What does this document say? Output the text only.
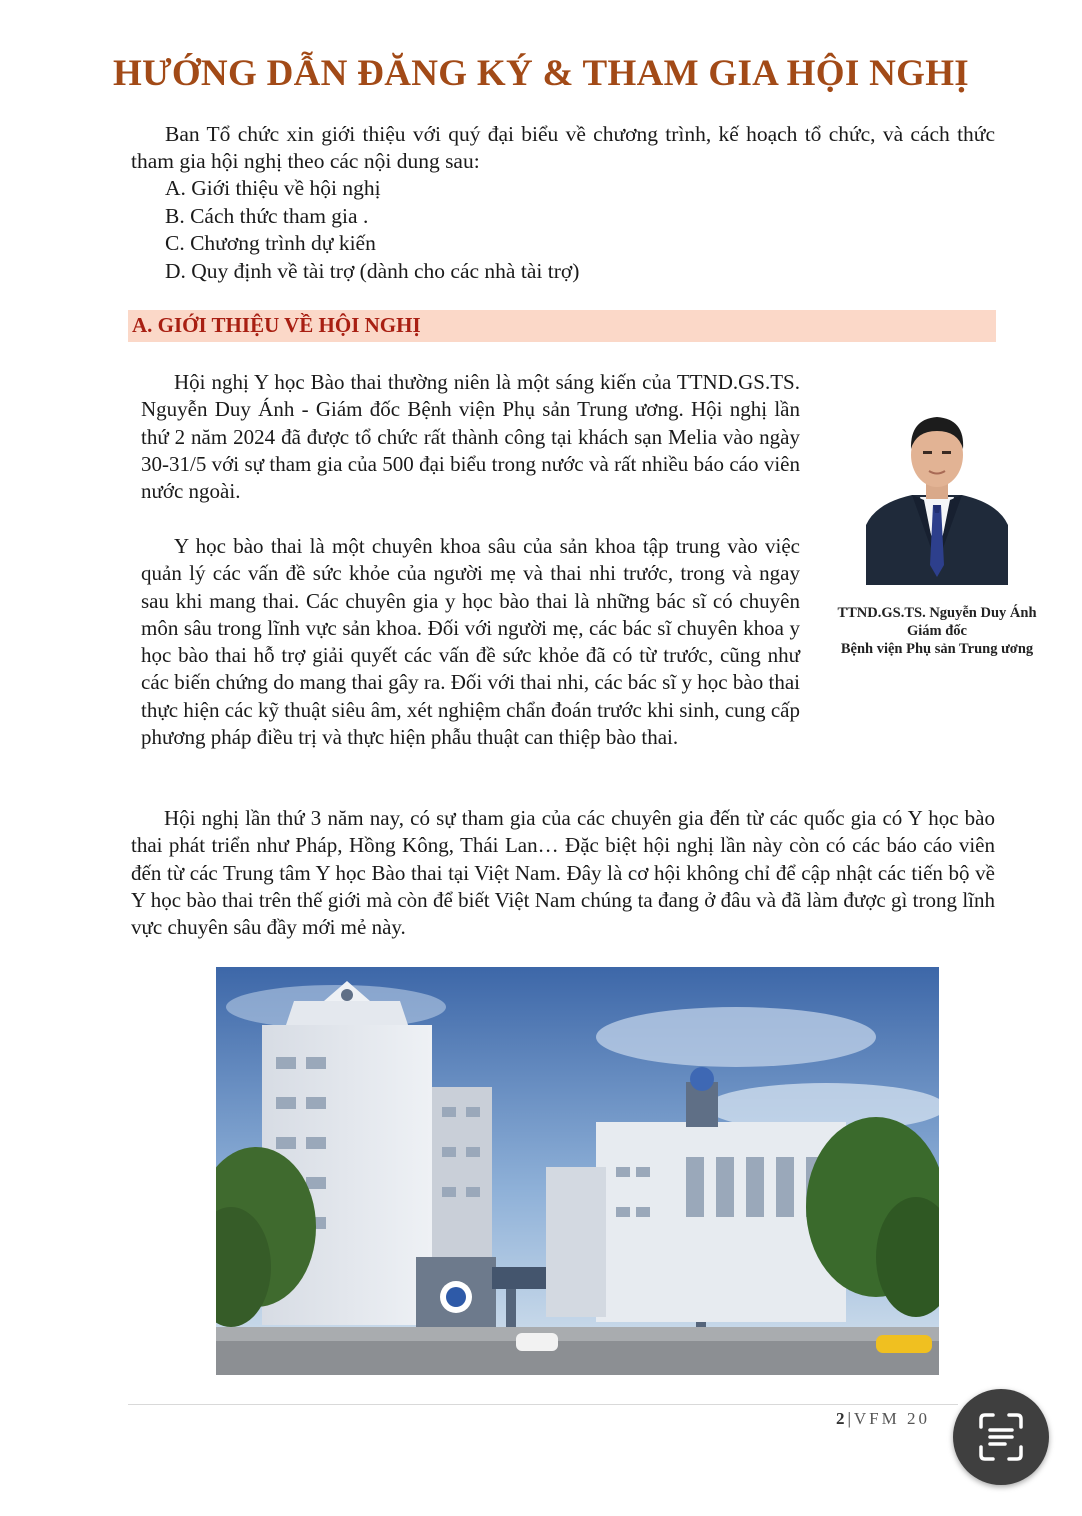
HƯỚNG DẪN ĐĂNG KÝ & THAM GIA HỘI NGHỊ

Ban Tổ chức xin giới thiệu với quý đại biểu về chương trình, kế hoạch tổ chức, và cách thức tham gia hội nghị theo các nội dung sau:

A. Giới thiệu về hội nghị
B. Cách thức tham gia .
C. Chương trình dự kiến
D. Quy định về tài trợ (dành cho các nhà tài trợ)
A. GIỚI THIỆU VỀ HỘI NGHỊ

Hội nghị Y học Bào thai thường niên là một sáng kiến của TTND.GS.TS. Nguyễn Duy Ánh - Giám đốc Bệnh viện Phụ sản Trung ương. Hội nghị lần thứ 2 năm 2024 đã được tổ chức rất thành công tại khách sạn Melia vào ngày 30-31/5 với sự tham gia của 500 đại biểu trong nước và rất nhiều báo cáo viên nước ngoài.

Y học bào thai là một chuyên khoa sâu của sản khoa tập trung vào việc quản lý các vấn đề sức khỏe của người mẹ và thai nhi trước, trong và ngay sau khi mang thai. Các chuyên gia y học bào thai là những bác sĩ có chuyên môn sâu trong lĩnh vực sản khoa. Đối với người mẹ, các bác sĩ chuyên khoa y học bào thai hỗ trợ giải quyết các vấn đề sức khỏe đã có từ trước, cũng như các biến chứng do mang thai gây ra. Đối với thai nhi, các bác sĩ y học bào thai thực hiện các kỹ thuật siêu âm, xét nghiệm chẩn đoán trước khi sinh, cung cấp phương pháp điều trị và thực hiện phẫu thuật can thiệp bào thai.

TTND.GS.TS. Nguyễn Duy Ánh
Giám đốc
Bệnh viện Phụ sản Trung ương

Hội nghị lần thứ 3 năm nay, có sự tham gia của các chuyên gia đến từ các quốc gia có Y học bào thai phát triển như Pháp, Hồng Kông, Thái Lan… Đặc biệt hội nghị lần này còn có các báo cáo viên đến từ các Trung tâm Y học Bào thai tại Việt Nam. Đây là cơ hội không chỉ để cập nhật các tiến bộ về Y học bào thai trên thế giới mà còn để biết Việt Nam chúng ta đang ở đâu và đã làm được gì trong lĩnh vực chuyên sâu đầy mới mẻ này.

2|VFM 20
